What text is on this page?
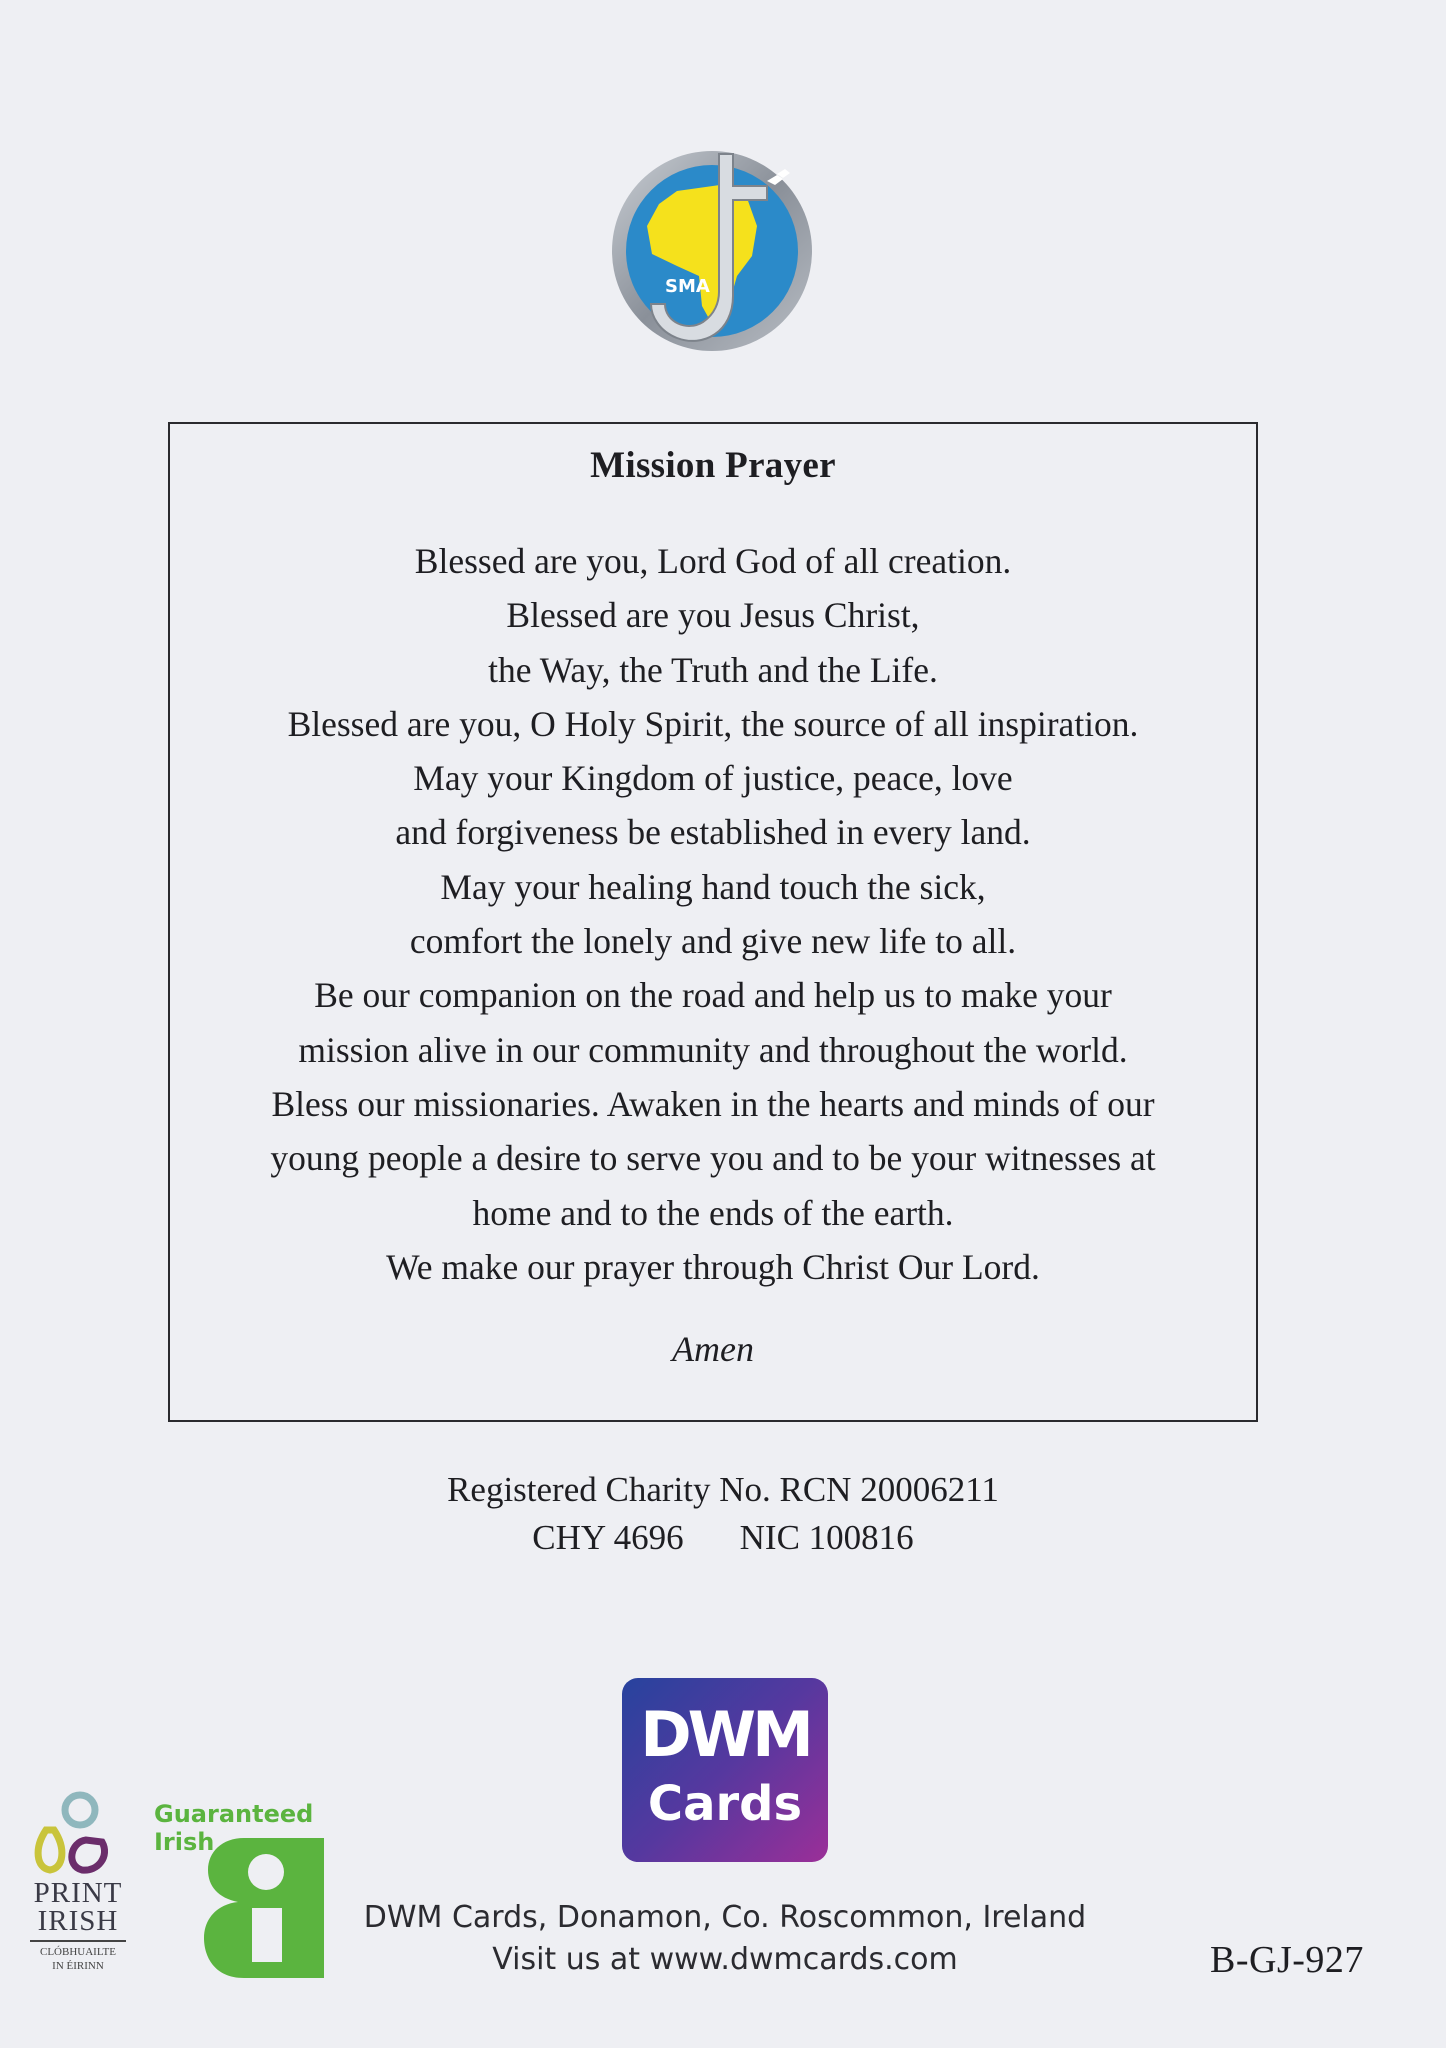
SMA
Mission Prayer
Blessed are you, Lord God of all creation.
Blessed are you Jesus Christ,
the Way, the Truth and the Life.
Blessed are you, O Holy Spirit, the source of all inspiration.
May your Kingdom of justice, peace, love
and forgiveness be established in every land.
May your healing hand touch the sick,
comfort the lonely and give new life to all.
Be our companion on the road and help us to make your
mission alive in our community and throughout the world.
Bless our missionaries. Awaken in the hearts and minds of our
young people a desire to serve you and to be your witnesses at
home and to the ends of the earth.
We make our prayer through Christ Our Lord.
Amen
Registered Charity No. RCN 20006211
CHY 4696 NIC 100816
DWM
Cards
DWM Cards, Donamon, Co. Roscommon, Ireland
Visit us at www.dwmcards.com	B-GJ-927
PRINT
IRISH
CLÓBHUAILTE
IN ÉIRINN
Guaranteed
Irish
